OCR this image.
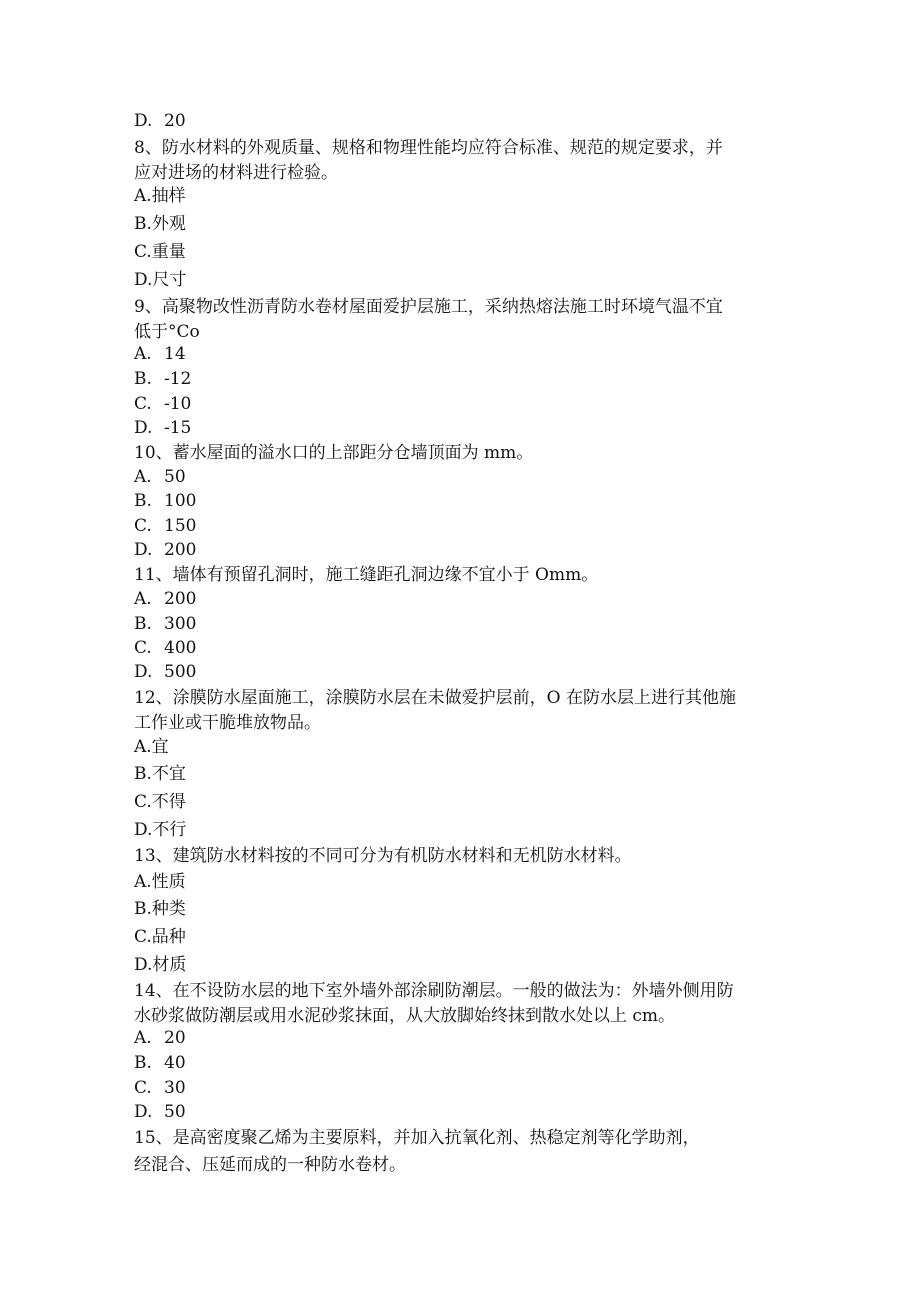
D. 20
8、防水材料的外观质量、规格和物理性能均应符合标准、规范的规定要求，并
应对进场的材料进行检验。
A.抽样
B.外观
C.重量
D.尺寸
9、高聚物改性沥青防水卷材屋面爱护层施工，采纳热熔法施工时环境气温不宜
低于°Co
A. 14
B. -12
C. -10
D. -15
10、蓄水屋面的溢水口的上部距分仓墙顶面为 mm。
A. 50
B. 100
C. 150
D. 200
11、墙体有预留孔洞时，施工缝距孔洞边缘不宜小于 Omm。
A. 200
B. 300
C. 400
D. 500
12、涂膜防水屋面施工，涂膜防水层在未做爱护层前，O 在防水层上进行其他施
工作业或干脆堆放物品。
A.宜
B.不宜
C.不得
D.不行
13、建筑防水材料按的不同可分为有机防水材料和无机防水材料。
A.性质
B.种类
C.品种
D.材质
14、在不设防水层的地下室外墙外部涂刷防潮层。一般的做法为：外墙外侧用防
水砂浆做防潮层或用水泥砂浆抹面，从大放脚始终抹到散水处以上 cm。
A. 20
B. 40
C. 30
D. 50
15、是高密度聚乙烯为主要原料，并加入抗氧化剂、热稳定剂等化学助剂，
经混合、压延而成的一种防水卷材。
